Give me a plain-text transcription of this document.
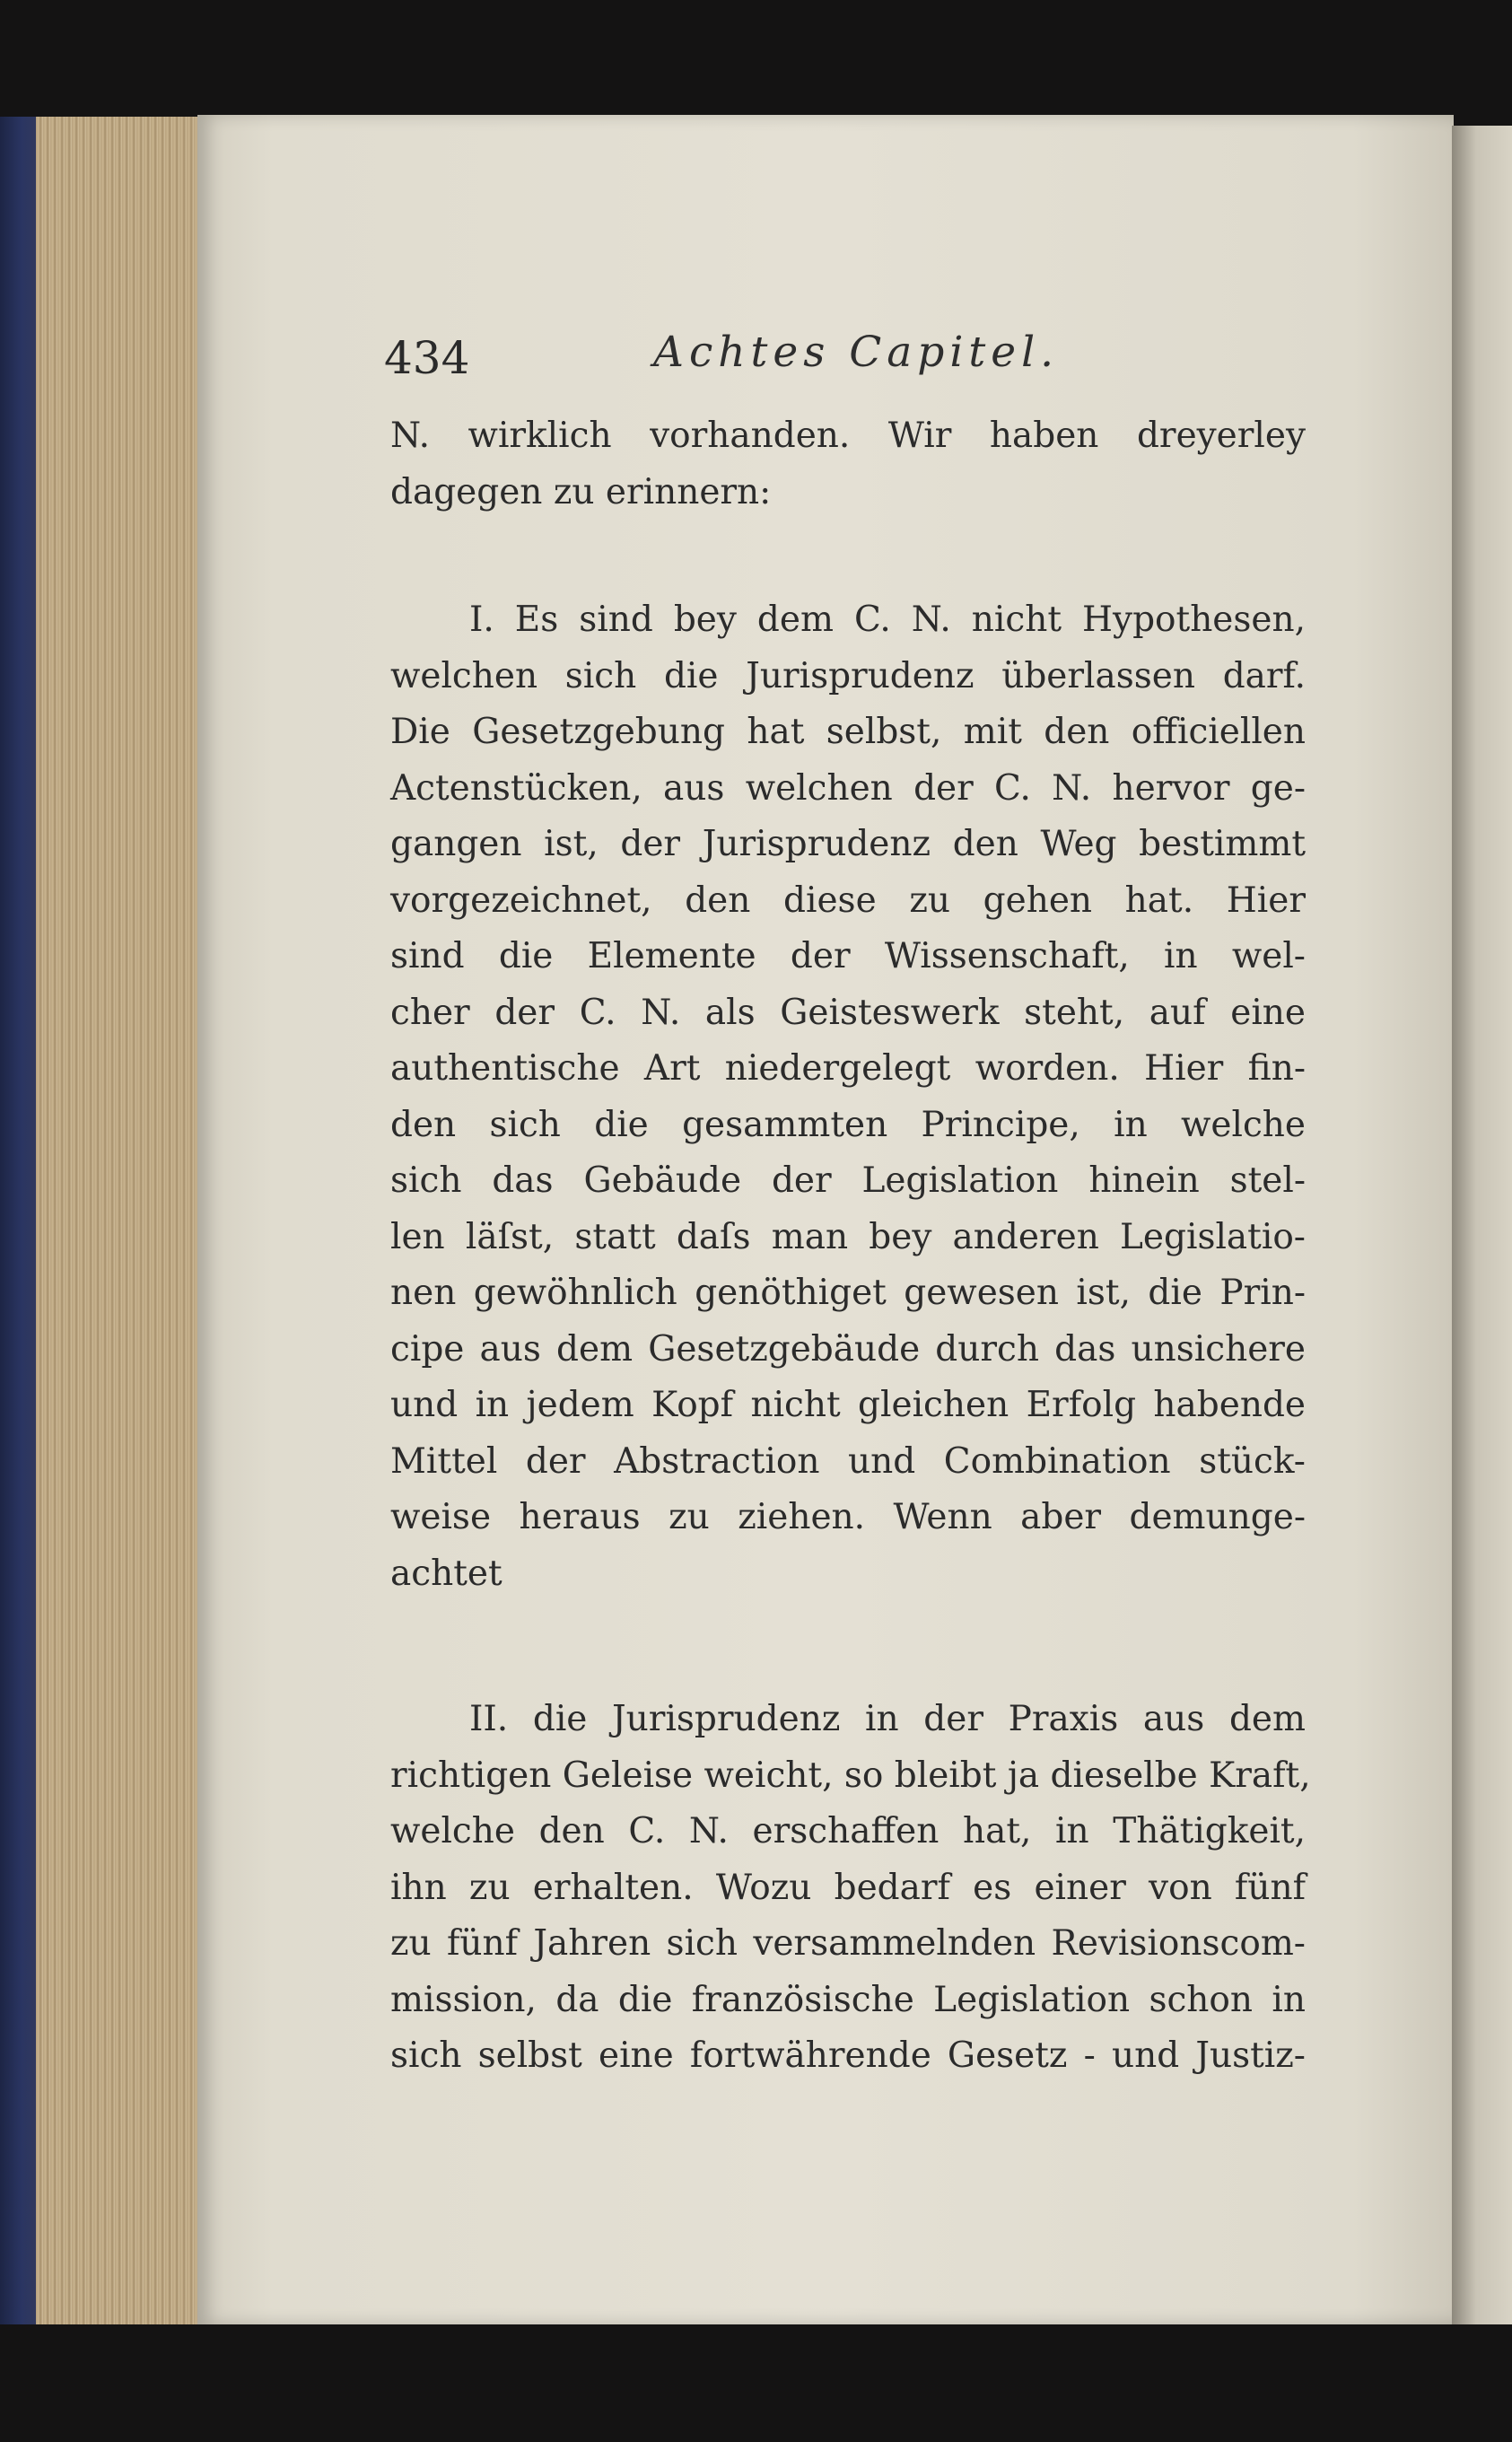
434	Achtes Capitel.
N. wirklich vorhanden. Wir haben dreyerley
dagegen zu erinnern:
I. Es sind bey dem C. N. nicht Hypothesen,
welchen sich die Jurisprudenz überlassen darf.
Die Gesetzgebung hat selbst, mit den officiellen
Actenstücken, aus welchen der C. N. hervor ge-
gangen ist, der Jurisprudenz den Weg bestimmt
vorgezeichnet, den diese zu gehen hat. Hier
sind die Elemente der Wissenschaft, in wel-
cher der C. N. als Geisteswerk steht, auf eine
authentische Art niedergelegt worden. Hier fin-
den sich die gesammten Principe, in welche
sich das Gebäude der Legislation hinein stel-
len läſst, statt daſs man bey anderen Legislatio-
nen gewöhnlich genöthiget gewesen ist, die Prin-
cipe aus dem Gesetzgebäude durch das unsichere
und in jedem Kopf nicht gleichen Erfolg habende
Mittel der Abstraction und Combination stück-
weise heraus zu ziehen. Wenn aber demunge-
achtet
II. die Jurisprudenz in der Praxis aus dem
richtigen Geleise weicht, so bleibt ja dieselbe Kraft,
welche den C. N. erschaffen hat, in Thätigkeit,
ihn zu erhalten. Wozu bedarf es einer von fünf
zu fünf Jahren sich versammelnden Revisionscom-
mission, da die französische Legislation schon in
sich selbst eine fortwährende Gesetz - und Justiz-
